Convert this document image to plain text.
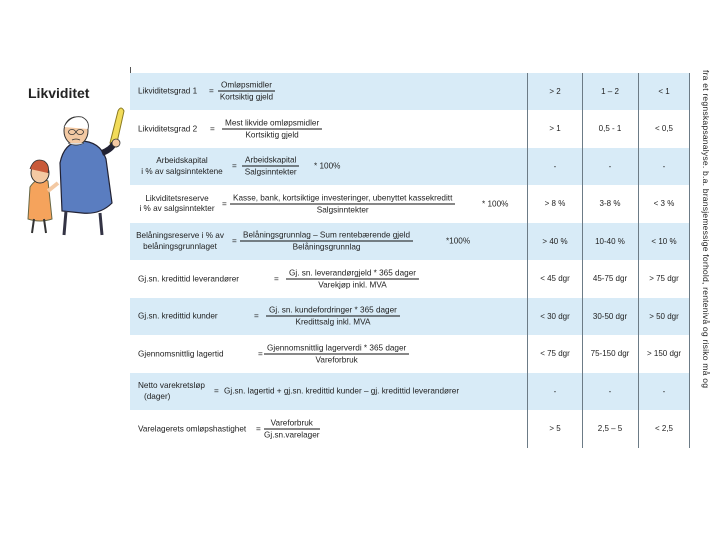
Likviditet	Likviditetsgrad 1 =
Omløpsmidler
Kortsiktig gjeld
> 2	1 – 2	< 1
Likviditetsgrad 2 =
Mest likvide omløpsmidler
Kortsiktig gjeld
> 1	0,5 - 1	< 0,5
Arbeidskapital
i % av salgsinntektene	=
Arbeidskapital
Salgsinntekter
* 100%	-	-	-
Likviditetsreserve
i % av salgsinntekter =
Kasse, bank, kortsiktige investeringer, ubenyttet kassekreditt
Salgsinntekter
* 100%	> 8 %	3-8 %	< 3 %
Belåningsreserve i % av
belåningsgrunnlaget	=
Belåningsgrunnlag – Sum rentebærende gjeld
Belåningsgrunnlag
*100%	> 40 %	10-40 %	< 10 %
Gj.sn. kredittid leverandører	=
Gj. sn. leverandørgjeld * 365 dager
Varekjøp inkl. MVA
< 45 dgr	45-75 dgr	> 75 dgr
Gj.sn. kredittid kunder	=
Gj. sn. kundefordringer * 365 dager
Kredittsalg inkl. MVA
< 30 dgr	30-50 dgr	> 50 dgr
Gjennomsnittlig lagertid	=
Gjennomsnittlig lagerverdi * 365 dager
Vareforbruk
< 75 dgr	75-150 dgr	> 150 dgr
Netto varekretsløp
(dager)	= Gj.sn. lagertid + gj.sn. kredittid kunder – gj. kredittid leverandører	-	-	-
Varelagerets omløpshastighet =
Vareforbruk
Gj.sn.varelager
> 5	2,5 – 5	< 2,5
fra et regnskapsanalyse. b.a. bransjemessige forhold, rentenivå og risiko må og
